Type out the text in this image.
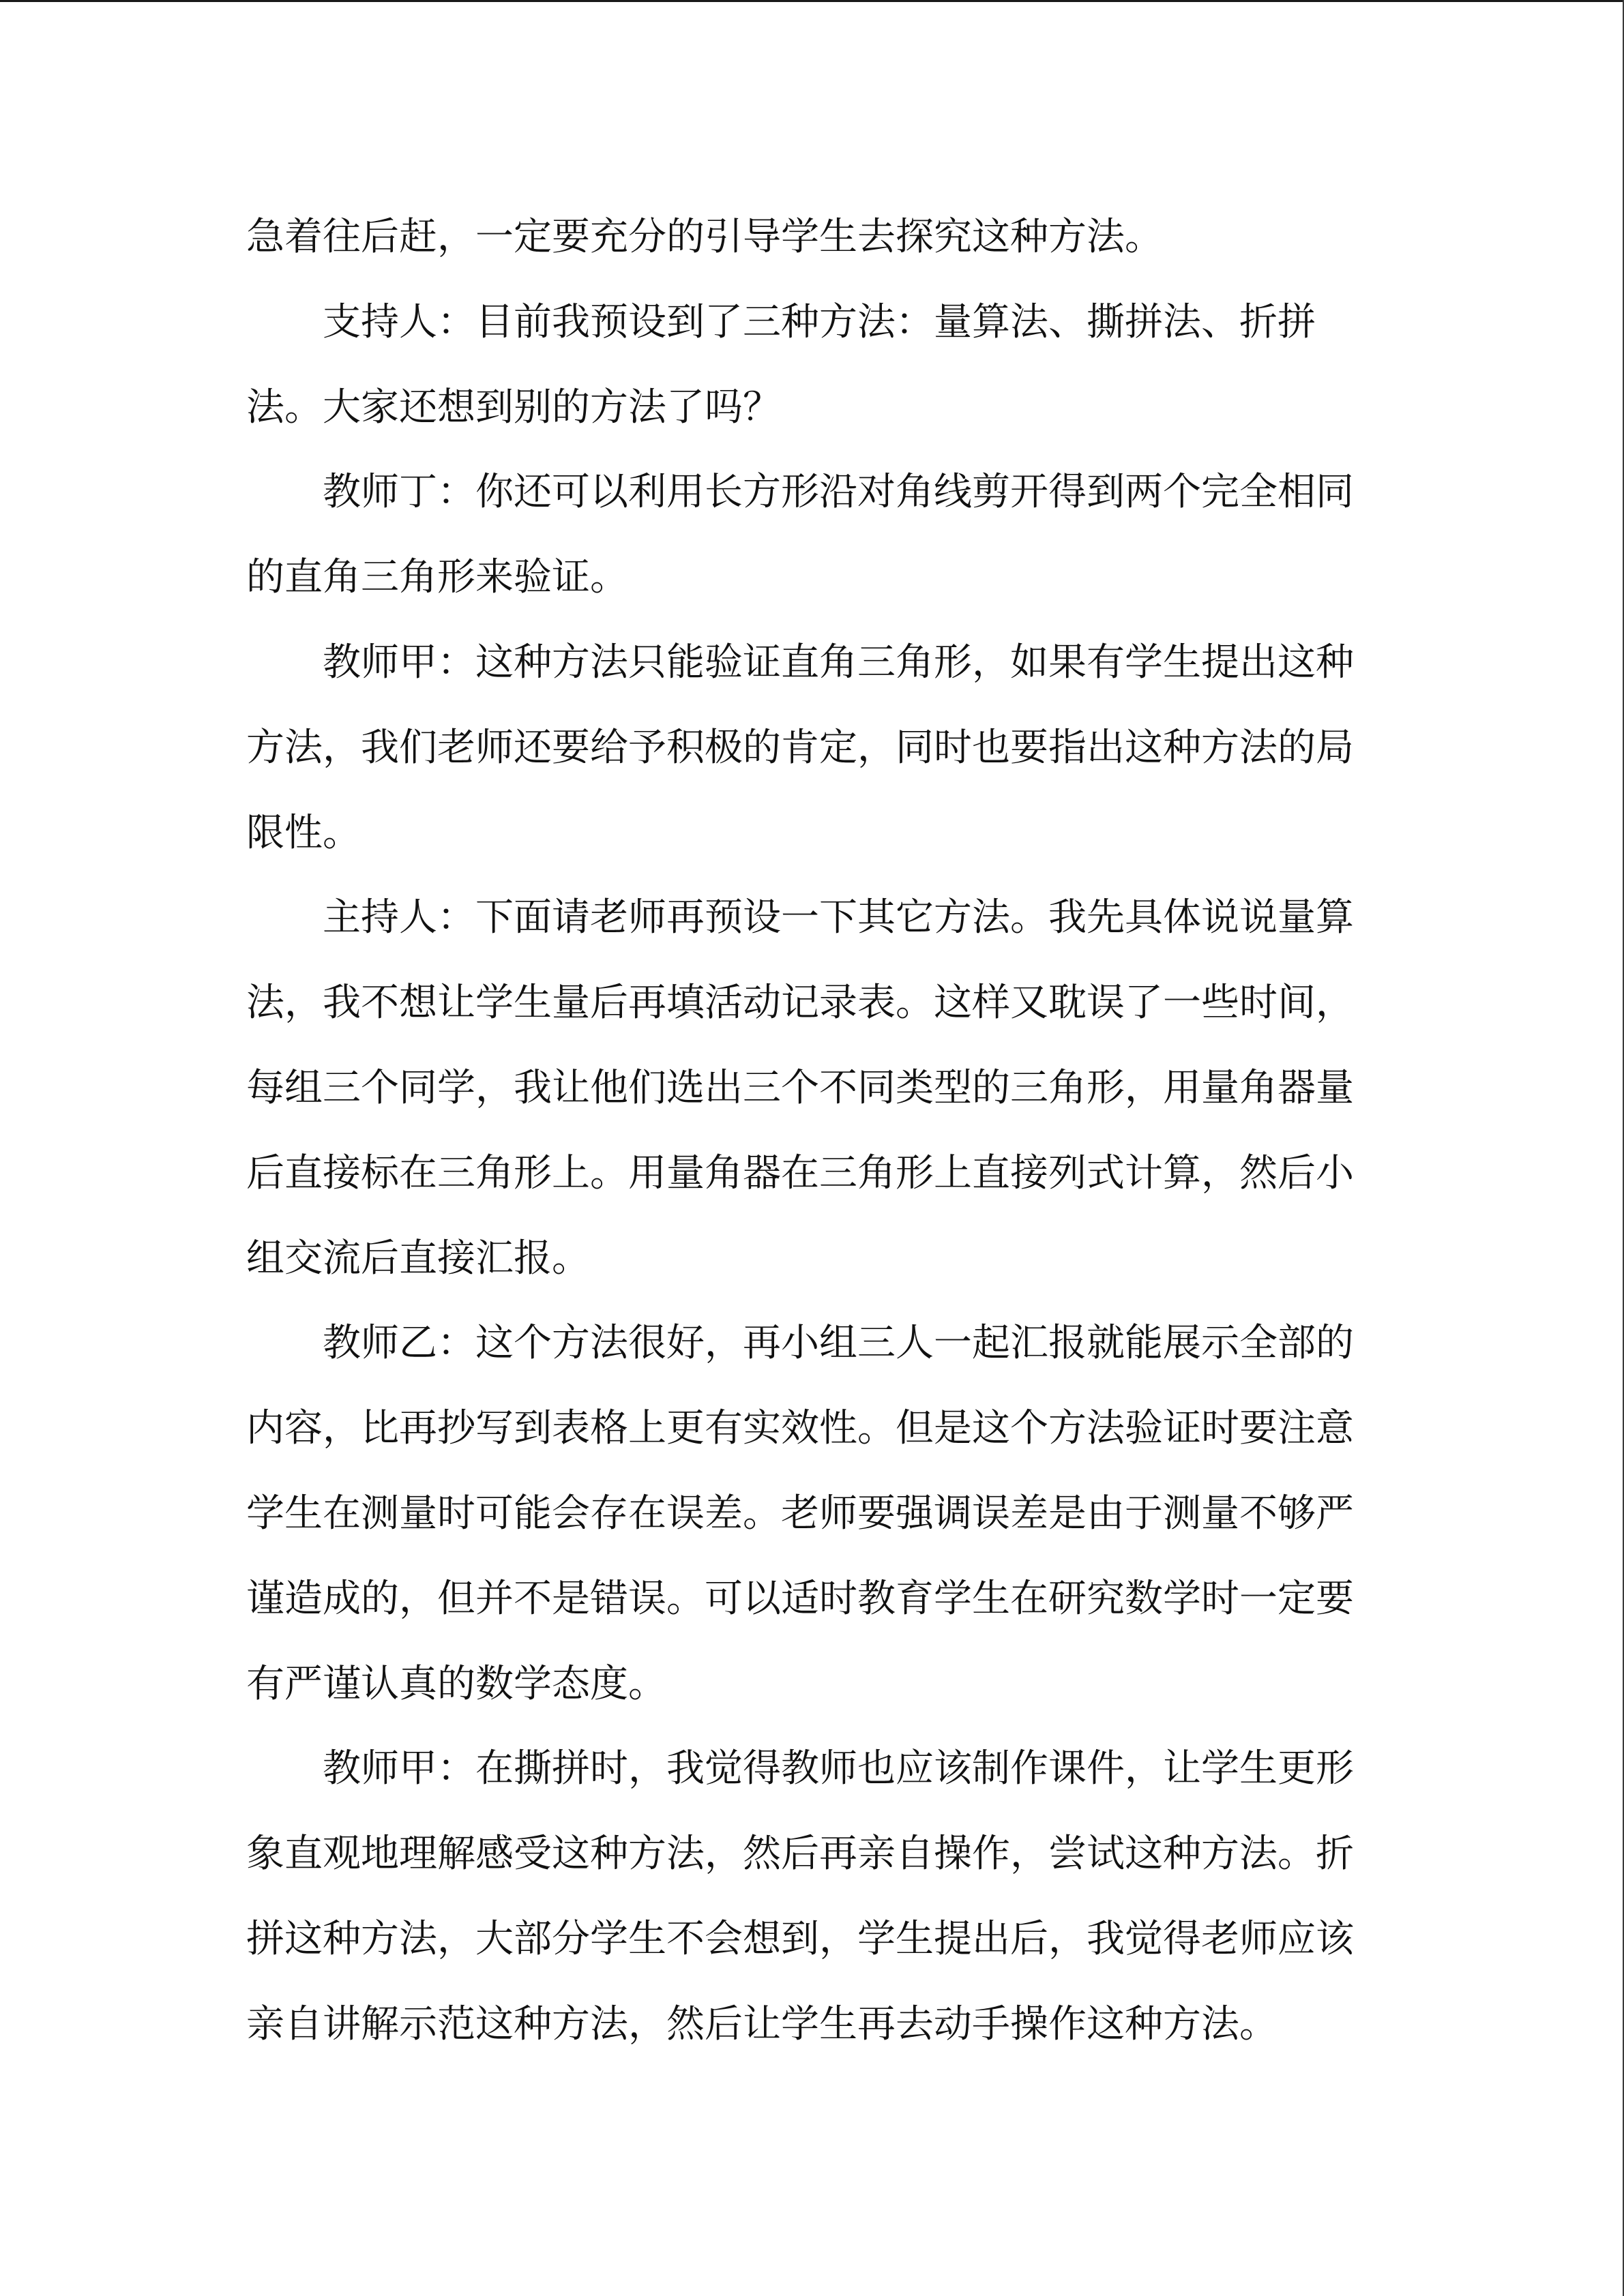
急着往后赶，一定要充分的引导学生去探究这种方法。
支持人：目前我预设到了三种方法：量算法、撕拼法、折拼
法。大家还想到别的方法了吗？
教师丁：你还可以利用长方形沿对角线剪开得到两个完全相同
的直角三角形来验证。
教师甲：这种方法只能验证直角三角形，如果有学生提出这种
方法，我们老师还要给予积极的肯定，同时也要指出这种方法的局
限性。
主持人：下面请老师再预设一下其它方法。我先具体说说量算
法，我不想让学生量后再填活动记录表。这样又耽误了一些时间，
每组三个同学，我让他们选出三个不同类型的三角形，用量角器量
后直接标在三角形上。用量角器在三角形上直接列式计算，然后小
组交流后直接汇报。
教师乙：这个方法很好，再小组三人一起汇报就能展示全部的
内容，比再抄写到表格上更有实效性。但是这个方法验证时要注意
学生在测量时可能会存在误差。老师要强调误差是由于测量不够严
谨造成的，但并不是错误。可以适时教育学生在研究数学时一定要
有严谨认真的数学态度。
教师甲：在撕拼时，我觉得教师也应该制作课件，让学生更形
象直观地理解感受这种方法，然后再亲自操作，尝试这种方法。折
拼这种方法，大部分学生不会想到，学生提出后，我觉得老师应该
亲自讲解示范这种方法，然后让学生再去动手操作这种方法。
